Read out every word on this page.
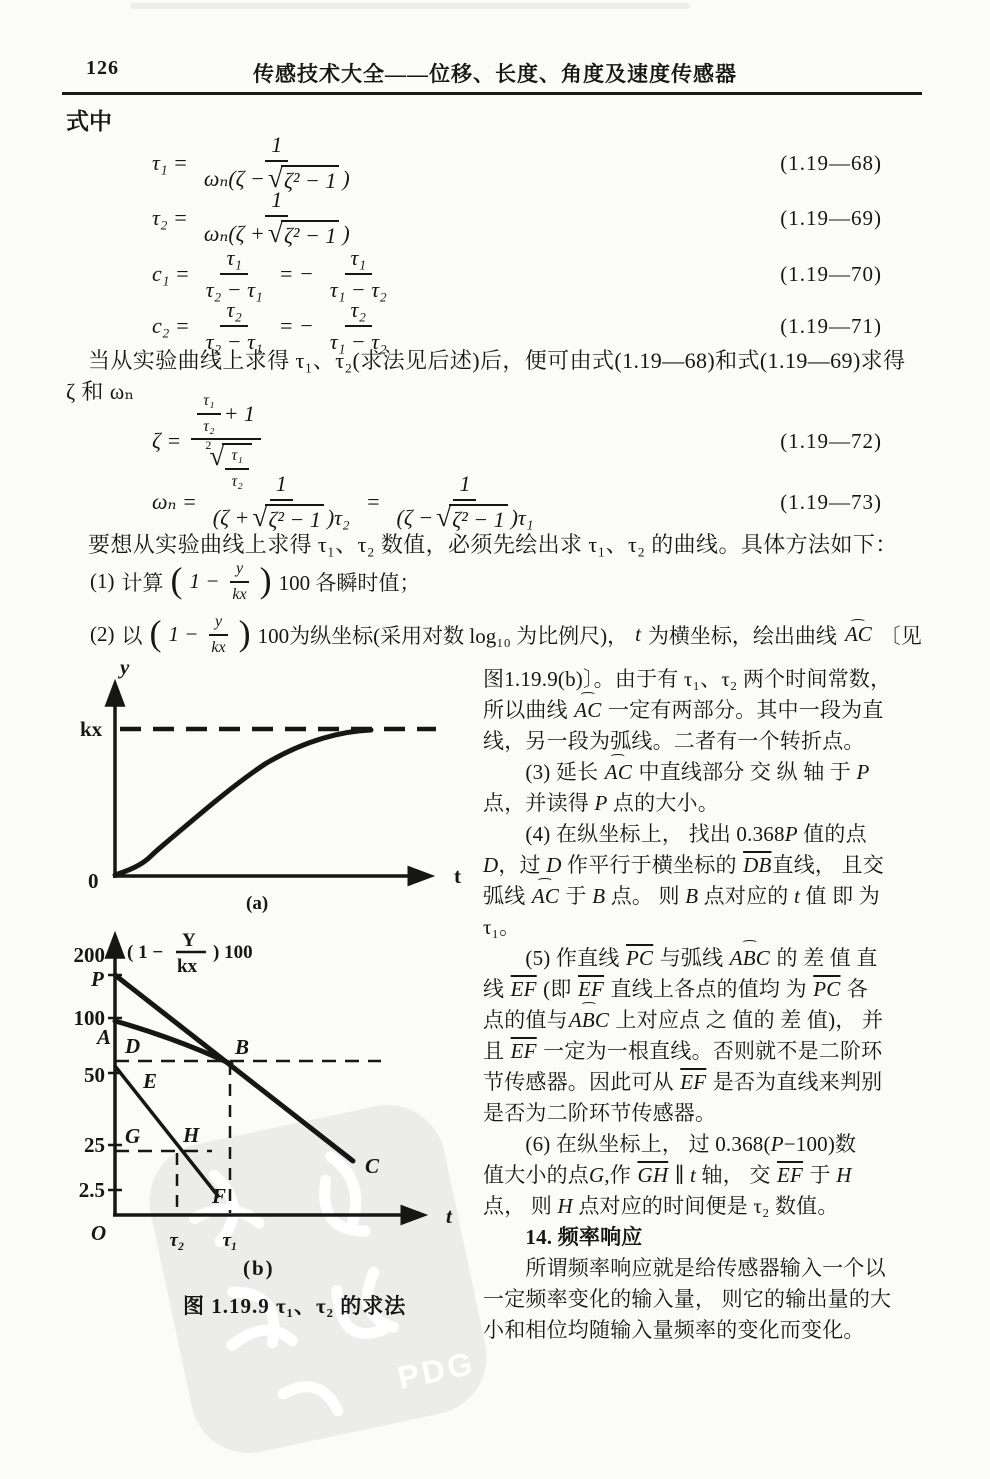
PDG
126	传感技术大全——位移、长度、角度及速度传感器
式中
$\tau_1 = \frac{1}{\text{ωₙ(ζ − √ ζ² − 1 )}}$	(1.19—68)
$\tau_2 = \frac{1}{\text{ωₙ(ζ + √ ζ² − 1 )}}$	(1.19—69)
$c_1 = \frac{\text{τ₁}}{\text{τ₂ − τ₁}}$ = − $\frac{\text{τ₁}}{\text{τ₁ − τ₂}}$	(1.19—70)
$c_2 = \frac{\text{τ₂}}{\text{τ₂ − τ₁}}$ = − $\frac{\text{τ₂}}{\text{τ₁ − τ₂}}$	(1.19—71)
当从实验曲线上求得 τ₁、τ₂(求法见后述)后，便可由式(1.19—68)和式(1.19—69)求得
ζ 和 ωₙ
ζ = τ₁
τ₂
+ 1
2
√ $\frac{\text{τ₁}}{\text{τ₂}}$	(1.19—72)
$\omega_n = \frac{1}{\text{(ζ + √ ζ² − 1 )τ₂}} = \frac{1}{\text{(ζ − √ ζ² − 1 )τ₁}}$	(1.19—73)
要想从实验曲线上求得 τ₁、τ₂ 数值，必须先绘出求 τ₁、τ₂ 的曲线。具体方法如下：
(1) 计算 ( $1 - \frac{y}{kx}$ ) 100 各瞬时值；
(2) 以 ( $1 - \frac{y}{kx}$ ) 100为纵坐标(采用对数 log₁₀ 为比例尺)， t 为横坐标，绘出曲线 ⌢ AC 〔见
y
kx
0	t
(a)
( 1 −
Y
kx
) 100
200
100
50
25
2.5
P
A D	B
E
G H
C
F
O	τ₂ τ₁
t
(b)
图 1.19.9 τ₁、τ₂ 的求法
图1.19.9(b)〕。由于有 τ₁、τ₂ 两个时间常数，
所以曲线 ⌢ AC 一定有两部分。其中一段为直
线，另一段为弧线。二者有一个转折点。
　　(3) 延长 ⌢ AC 中直线部分 交 纵 轴 于 P
点，并读得 P 点的大小。
　　(4) 在纵坐标上， 找出 0.368P 值的点
D，过 D 作平行于横坐标的 $\overline{DB}$直线， 且交
弧线 ⌢ AC 于 B 点。 则 B 点对应的 t 值 即 为
τ₁。
　　(5) 作直线 $\overline{PC}$ 与弧线 ⌢ ABC 的 差 值 直
线 $\overline{EF}$ (即 $\overline{EF}$ 直线上各点的值均 为 $\overline{PC}$ 各
点的值与⌢ ABC 上对应点 之 值的 差 值)， 并
且 $\overline{EF}$ 一定为一根直线。否则就不是二阶环
节传感器。因此可从 $\overline{EF}$ 是否为直线来判别
是否为二阶环节传感器。
　　(6) 在纵坐标上， 过 0.368(P−100)数
值大小的点G,作 $\overline{GH}$ ∥ t 轴， 交 $\overline{EF}$ 于 H
点， 则 H 点对应的时间便是 τ₂ 数值。
　　14. 频率响应
　　所谓频率响应就是给传感器输入一个以
一定频率变化的输入量， 则它的输出量的大
小和相位均随输入量频率的变化而变化。
